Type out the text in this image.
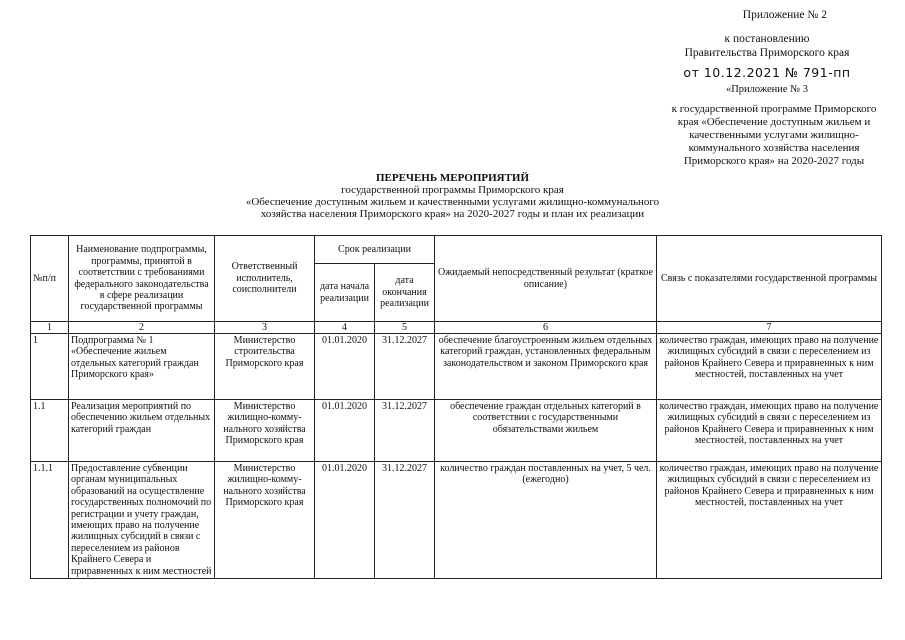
Приложение № 2
к постановлению
Правительства Приморского края
от 10.12.2021 № 791-пп
«Приложение № 3
к государственной программе Приморского края «Обеспечение доступным жильем и качественными услугами жилищно-коммунального хозяйства населения Приморского края» на 2020-2027 годы
ПЕРЕЧЕНЬ МЕРОПРИЯТИЙ
государственной программы Приморского края
«Обеспечение доступным жильем и качественными услугами жилищно-коммунального
хозяйства населения Приморского края» на 2020-2027 годы и план их реализации
№п/п	Наименование подпрограммы, программы, принятой в соответствии с требованиями федерального законодательства в сфере реализации государственной программы	Ответственный исполнитель, соисполнители	Срок реализации		Ожидаемый непосредственный результат (краткое описание)	Связь с показателями государственной программы
			дата начала реализации	дата окончания реализации		
1	2	3	4	5	6	7
1	Подпрограмма № 1 «Обеспечение жильем отдельных категорий граждан Приморского края»	Министерство строительства Приморского края	01.01.2020	31.12.2027	обеспечение благоустроенным жильем отдельных категорий граждан, установленных федеральным законодательством и законом Приморского края	количество граждан, имеющих право на получение жилищных субсидий в связи с переселением из районов Крайнего Севера и приравненных к ним местностей, поставленных на учет
1.1	Реализация мероприятий по обеспечению жильем отдельных категорий граждан	Министерство жилищно-комму-нального хозяйства Приморского края	01.01.2020	31.12.2027	обеспечение граждан отдельных категорий в соответствии с государственными обязательствами жильем	количество граждан, имеющих право на получение жилищных субсидий в связи с переселением из районов Крайнего Севера и приравненных к ним местностей, поставленных на учет
1.1.1	Предоставление субвенции органам муниципальных образований на осуществление государственных полномочий по регистрации и учету граждан, имеющих право на получение жилищных субсидий в связи с переселением из районов Крайнего Севера и приравненных к ним местностей	Министерство жилищно-комму-нального хозяйства Приморского края	01.01.2020	31.12.2027	количество граждан поставленных на учет, 5 чел. (ежегодно)	количество граждан, имеющих право на получение жилищных субсидий в связи с переселением из районов Крайнего Севера и приравненных к ним местностей, поставленных на учет
